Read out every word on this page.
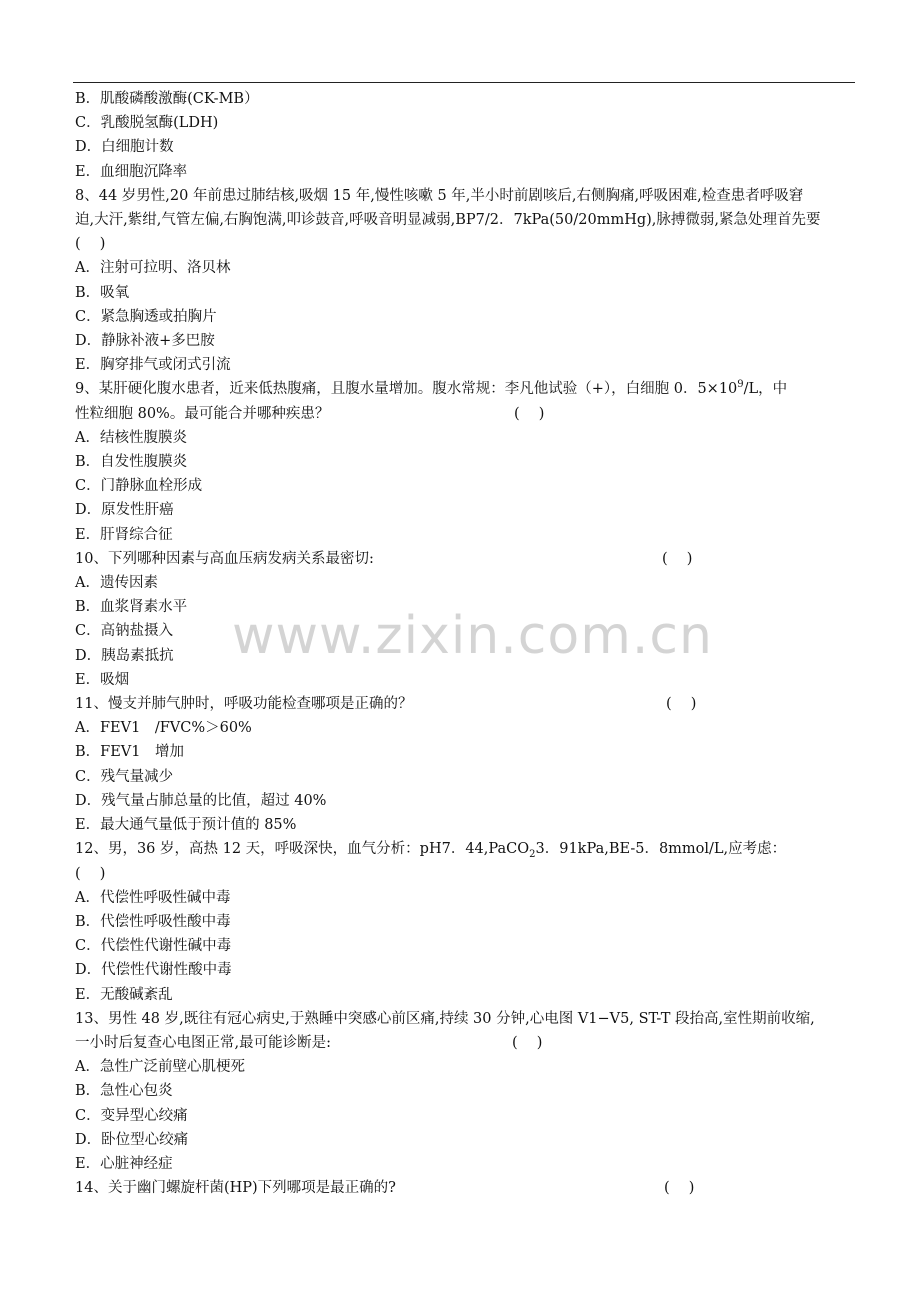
B．肌酸磷酸激酶(CK-MB）
C．乳酸脱氢酶(LDH)
D．白细胞计数
E．血细胞沉降率
8、44 岁男性,20 年前患过肺结核,吸烟 15 年,慢性咳嗽 5 年,半小时前剧咳后,右侧胸痛,呼吸困难,检查患者呼吸窘
迫,大汗,紫绀,气管左偏,右胸饱满,叩诊鼓音,呼吸音明显减弱,BP7/2．7kPa(50/20mmHg),脉搏微弱,紧急处理首先要
(　 )
A．注射可拉明、洛贝林
B．吸氧
C．紧急胸透或拍胸片
D．静脉补液+多巴胺
E．胸穿排气或闭式引流
9、某肝硬化腹水患者，近来低热腹痛，且腹水量增加。腹水常规：李凡他试验（+），白细胞 0．$5\times 10^9/L$，中
性粒细胞 80%。最可能合并哪种疾患？	(　 )
A．结核性腹膜炎
B．自发性腹膜炎
C．门静脉血栓形成
D．原发性肝癌
E．肝肾综合征
10、下列哪种因素与高血压病发病关系最密切:	(　 )
A．遗传因素
B．血浆肾素水平
C．高钠盐摄入
D．胰岛素抵抗
E．吸烟
11、慢支并肺气肿时，呼吸功能检查哪项是正确的？	(　 )
A．FEV1　/FVC%＞60%
B．FEV1　增加
C．残气量减少
D．残气量占肺总量的比值，超过 40%
E．最大通气量低于预计值的 85%
12、男，36 岁，高热 12 天，呼吸深快，血气分析：pH7．44,PaCO$_2$3．91kPa,BE-5．8mmol/L,应考虑：
(　 )
A．代偿性呼吸性碱中毒
B．代偿性呼吸性酸中毒
C．代偿性代谢性碱中毒
D．代偿性代谢性酸中毒
E．无酸碱紊乱
13、男性 48 岁,既往有冠心病史,于熟睡中突感心前区痛,持续 30 分钟,心电图 V1−V5, ST-T 段抬高,室性期前收缩,
一小时后复查心电图正常,最可能诊断是:	(　 )
A．急性广泛前壁心肌梗死
B．急性心包炎
C．变异型心绞痛
D．卧位型心绞痛
E．心脏神经症
14、关于幽门螺旋杆菌(HP)下列哪项是最正确的?	(　 )
www.zixin.com.cn
